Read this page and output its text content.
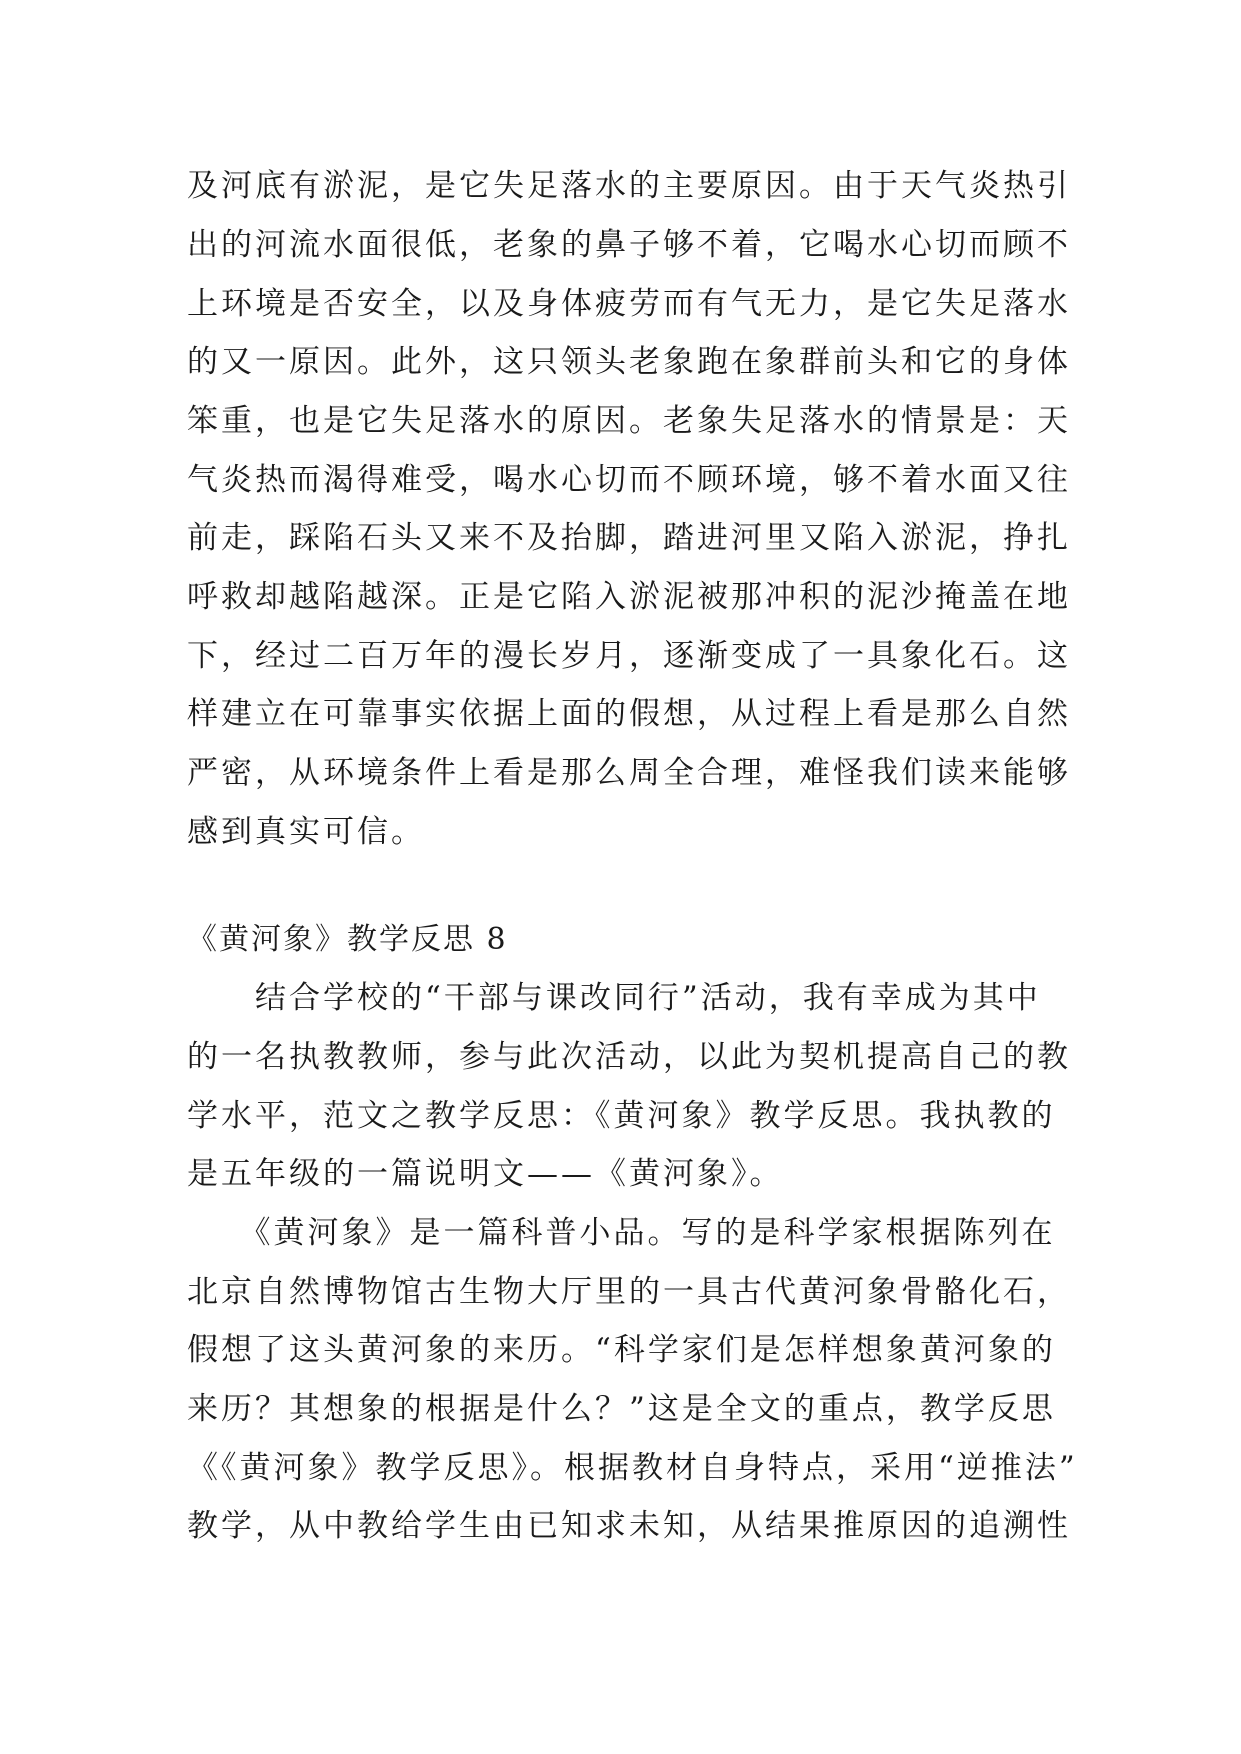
及河底有淤泥，是它失足落水的主要原因。由于天气炎热引
出的河流水面很低，老象的鼻子够不着，它喝水心切而顾不
上环境是否安全，以及身体疲劳而有气无力，是它失足落水
的又一原因。此外，这只领头老象跑在象群前头和它的身体
笨重，也是它失足落水的原因。老象失足落水的情景是：天
气炎热而渴得难受，喝水心切而不顾环境，够不着水面又往
前走，踩陷石头又来不及抬脚，踏进河里又陷入淤泥，挣扎
呼救却越陷越深。正是它陷入淤泥被那冲积的泥沙掩盖在地
下，经过二百万年的漫长岁月，逐渐变成了一具象化石。这
样建立在可靠事实依据上面的假想，从过程上看是那么自然
严密，从环境条件上看是那么周全合理，难怪我们读来能够
感到真实可信。
《黄河象》教学反思 8
　　结合学校的“干部与课改同行”活动，我有幸成为其中
的一名执教教师，参与此次活动，以此为契机提高自己的教
学水平，范文之教学反思：《黄河象》教学反思。我执教的
是五年级的一篇说明文——《黄河象》。
　　《黄河象》是一篇科普小品。写的是科学家根据陈列在
北京自然博物馆古生物大厅里的一具古代黄河象骨骼化石，
假想了这头黄河象的来历。“科学家们是怎样想象黄河象的
来历？其想象的根据是什么？”这是全文的重点，教学反思
《《黄河象》教学反思》。根据教材自身特点，采用“逆推法”
教学，从中教给学生由已知求未知，从结果推原因的追溯性
